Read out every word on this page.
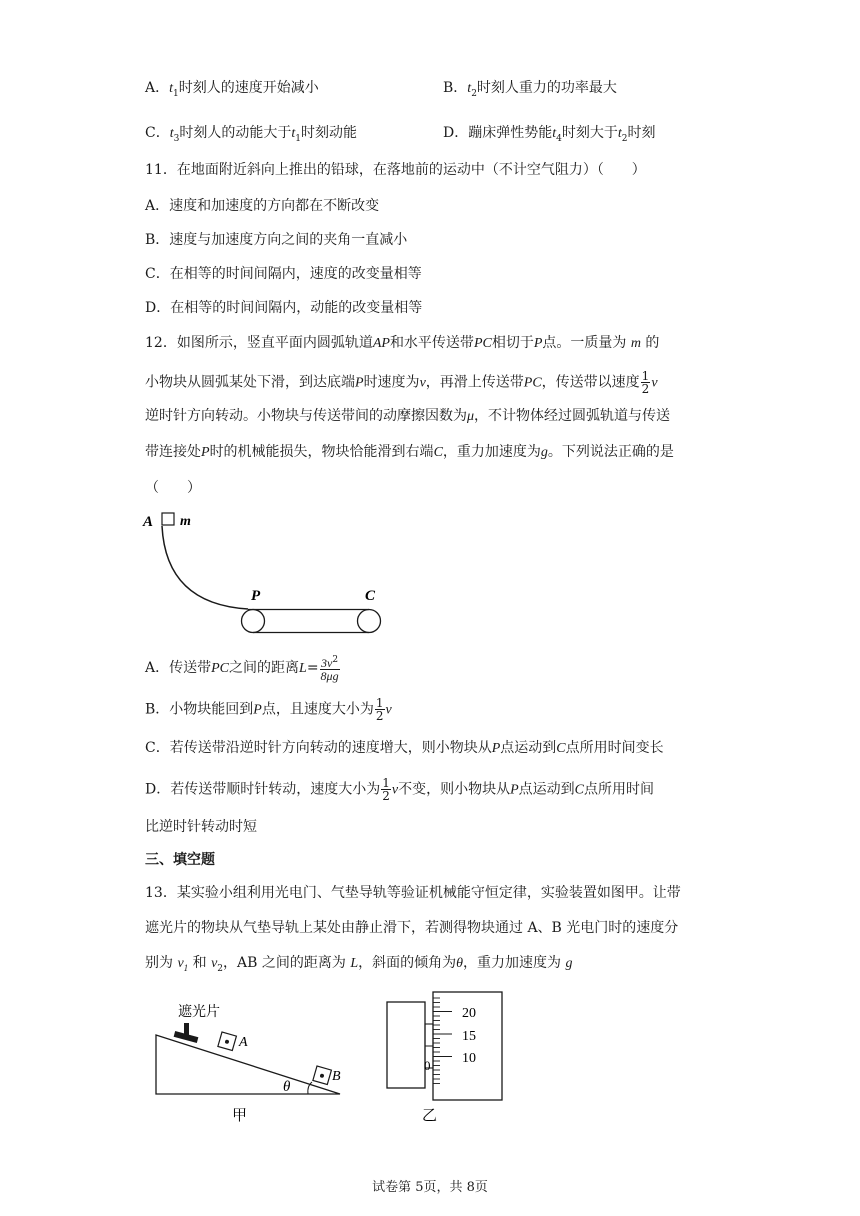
A．$t_1$时刻人的速度开始减小	B．$t_2$时刻人重力的功率最大
C．$t_3$时刻人的动能大于$t_1$时刻动能	D．蹦床弹性势能$t_4$时刻大于$t_2$时刻
11．在地面附近斜向上推出的铅球，在落地前的运动中（不计空气阻力）（　　）
A．速度和加速度的方向都在不断改变
B．速度与加速度方向之间的夹角一直减小
C．在相等的时间间隔内，速度的改变量相等
D．在相等的时间间隔内，动能的改变量相等
12．如图所示，竖直平面内圆弧轨道AP和水平传送带PC相切于P点。一质量为 m 的
小物块从圆弧某处下滑，到达底端P时速度为v，再滑上传送带PC，传送带以速度 $\frac{1}{2}$ v
逆时针方向转动。小物块与传送带间的动摩擦因数为μ，不计物体经过圆弧轨道与传送
带连接处P时的机械能损失，物块恰能滑到右端C，重力加速度为g。下列说法正确的是
（　　）
A m
P	C
A．传送带PC之间的距离$L= \frac{3v^2}{8\mu g}$
B．小物块能回到P点，且速度大小为 $\frac{1}{2}$ v
C．若传送带沿逆时针方向转动的速度增大，则小物块从P点运动到C点所用时间变长
D．若传送带顺时针转动，速度大小为 $\frac{1}{2}$ v不变，则小物块从P点运动到C点所用时间
比逆时针转动时短
三、填空题
13．某实验小组利用光电门、气垫导轨等验证机械能守恒定律，实验装置如图甲。让带
遮光片的物块从气垫导轨上某处由静止滑下，若测得物块通过 A、B 光电门时的速度分
别为 $v_1$ 和 $v_2$，AB 之间的距离为 L，斜面的倾角为θ，重力加速度为 g
遮光片
A
B
θ
甲
0
20
15
10
乙
试卷第 5页，共 8页
